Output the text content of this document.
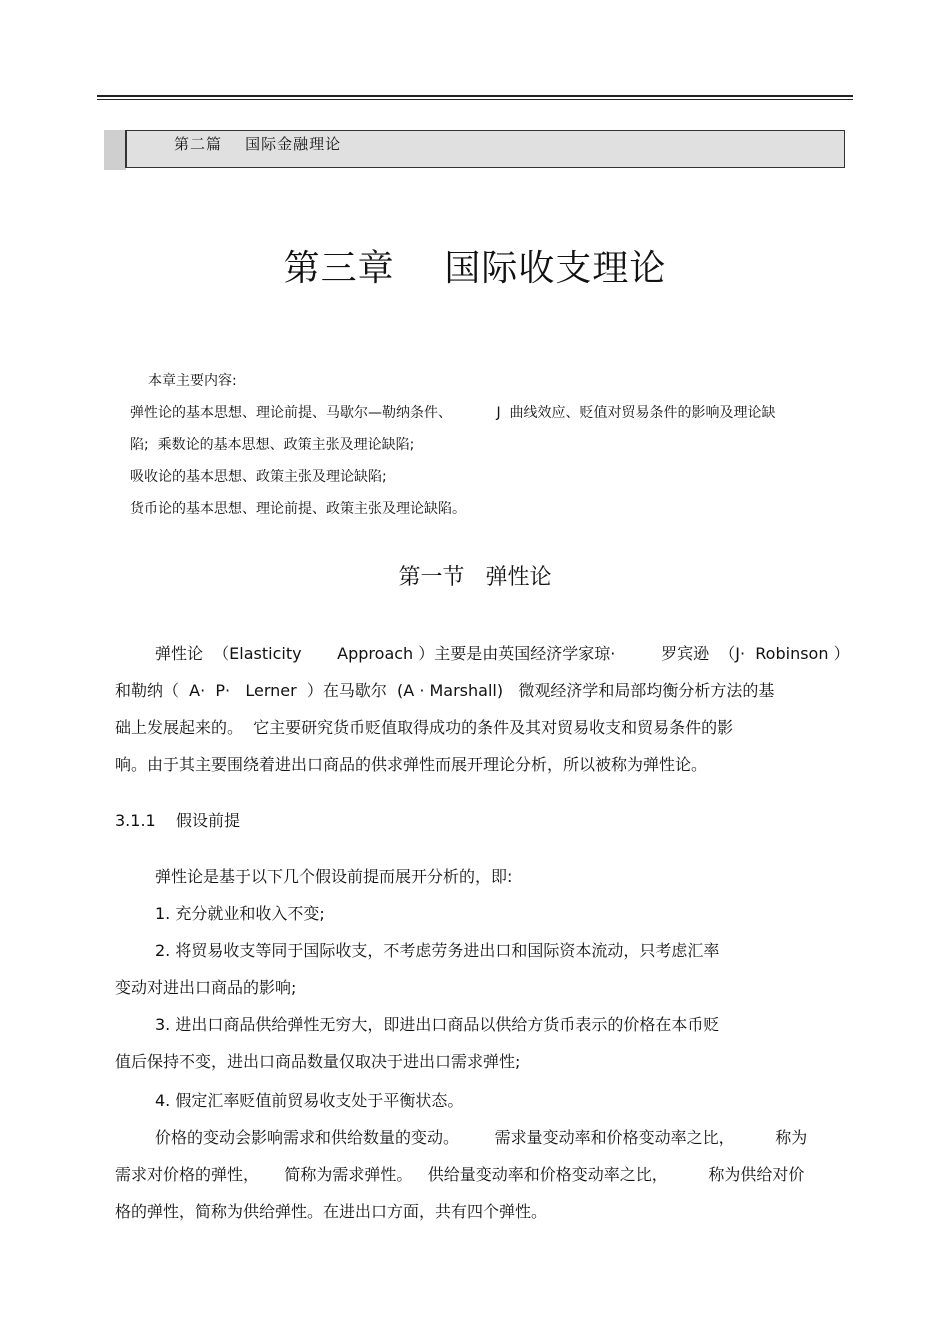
第二篇    国际金融理论
第三章    国际收支理论
本章主要内容:
弹性论的基本思想、理论前提、马歇尔—勒纳条件、          J  曲线效应、贬值对贸易条件的影响及理论缺
陷;  乘数论的基本思想、政策主张及理论缺陷;
吸收论的基本思想、政策主张及理论缺陷;
货币论的基本思想、理论前提、政策主张及理论缺陷。
第一节   弹性论
弹性论  （Elasticity       Approach ）主要是由英国经济学家琼·         罗宾逊  （J·  Robinson ）
和勒纳（  A·  P·   Lerner  ）在马歇尔  (A · Marshall)   微观经济学和局部均衡分析方法的基
础上发展起来的。  它主要研究货币贬值取得成功的条件及其对贸易收支和贸易条件的影
响。由于其主要围绕着进出口商品的供求弹性而展开理论分析，所以被称为弹性论。
3.1.1    假设前提
弹性论是基于以下几个假设前提而展开分析的，即:
1. 充分就业和收入不变;
2. 将贸易收支等同于国际收支，不考虑劳务进出口和国际资本流动，只考虑汇率
变动对进出口商品的影响;
3. 进出口商品供给弹性无穷大，即进出口商品以供给方货币表示的价格在本币贬
值后保持不变，进出口商品数量仅取决于进出口需求弹性;
4. 假定汇率贬值前贸易收支处于平衡状态。
价格的变动会影响需求和供给数量的变动。       需求量变动率和价格变动率之比，        称为
需求对价格的弹性，     简称为需求弹性。   供给量变动率和价格变动率之比，        称为供给对价
格的弹性，简称为供给弹性。在进出口方面，共有四个弹性。
